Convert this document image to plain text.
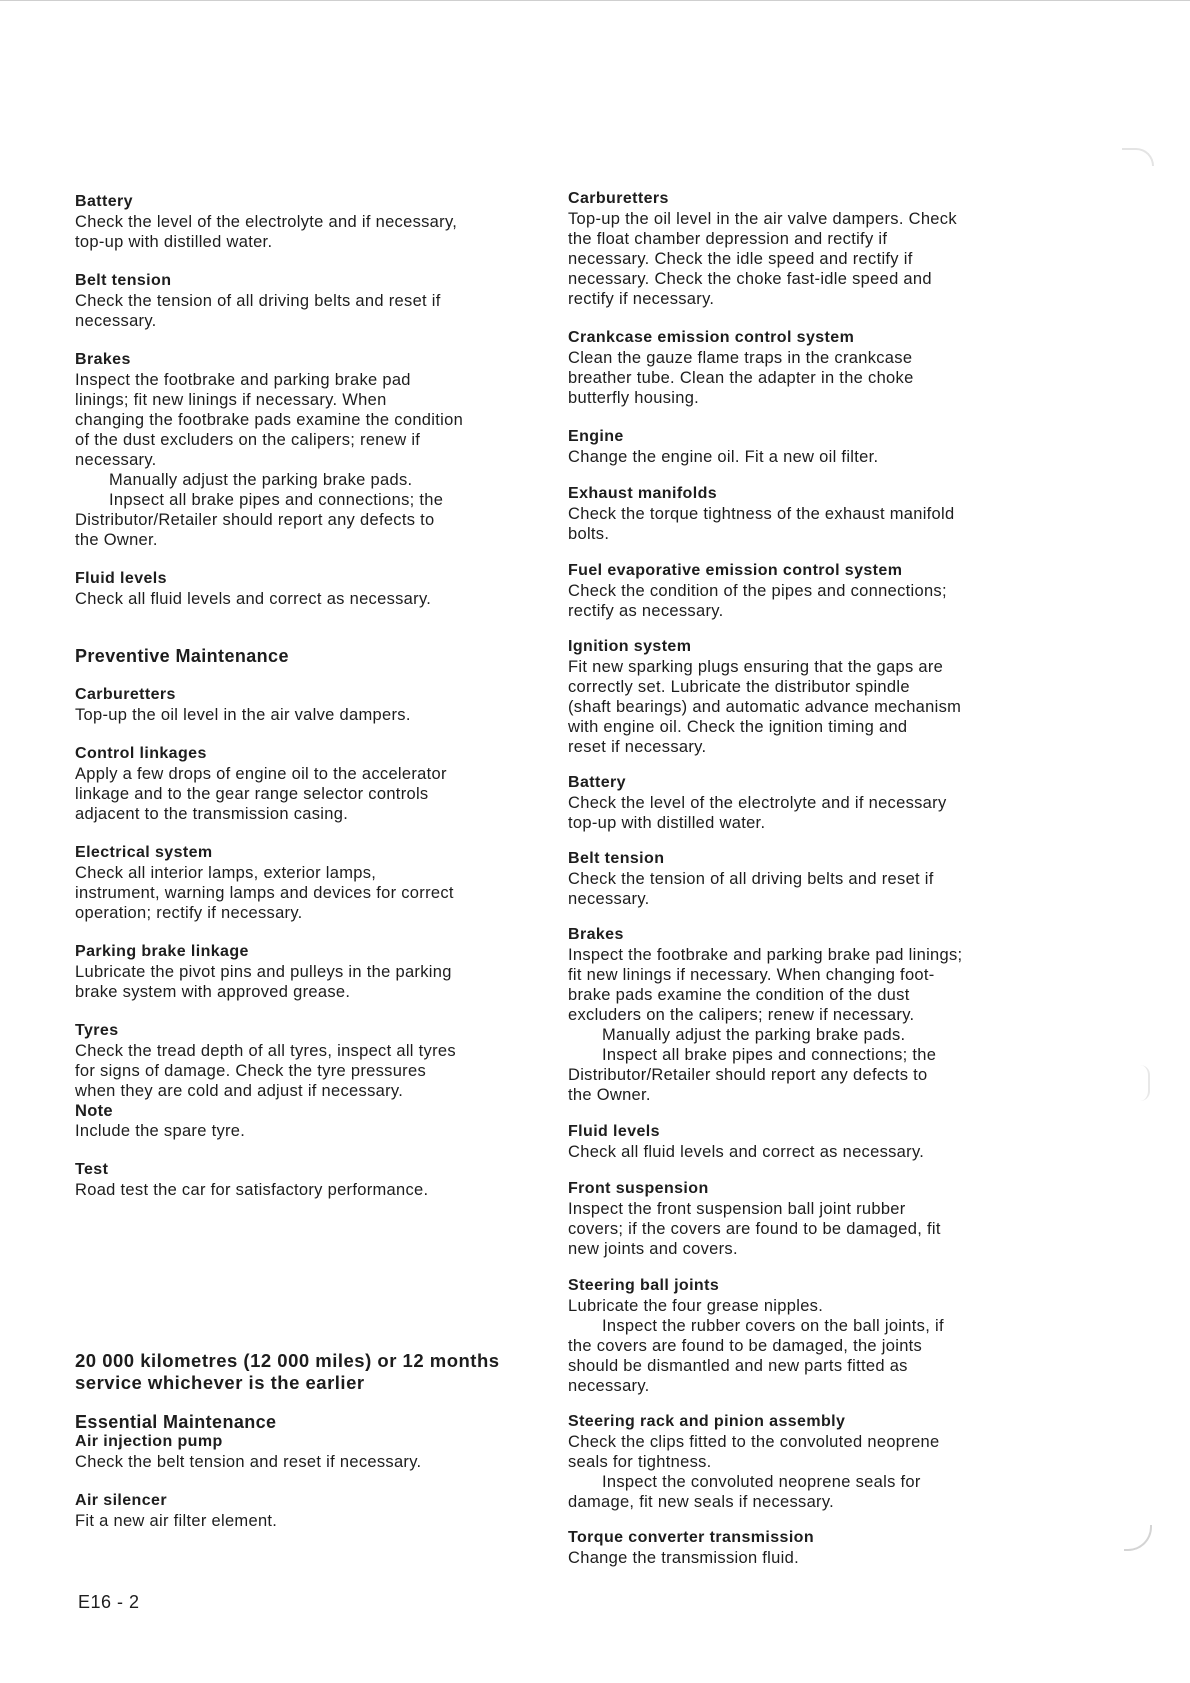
Battery

Check the level of the electrolyte and if necessary,
top-up with distilled water.

Belt tension

Check the tension of all driving belts and reset if
necessary.

Brakes

Inspect the footbrake and parking brake pad
linings; fit new linings if necessary. When
changing the footbrake pads examine the condition
of the dust excluders on the calipers; renew if
necessary.

Manually adjust the parking brake pads.

Inpsect all brake pipes and connections; the

Distributor/Retailer should report any defects to
the Owner.

Fluid levels

Check all fluid levels and correct as necessary.

Preventive Maintenance

Carburetters

Top-up the oil level in the air valve dampers.

Control linkages

Apply a few drops of engine oil to the accelerator
linkage and to the gear range selector controls
adjacent to the transmission casing.

Electrical system

Check all interior lamps, exterior lamps,
instrument, warning lamps and devices for correct
operation; rectify if necessary.

Parking brake linkage

Lubricate the pivot pins and pulleys in the parking
brake system with approved grease.

Tyres

Check the tread depth of all tyres, inspect all tyres
for signs of damage. Check the tyre pressures
when they are cold and adjust if necessary.

Note

Include the spare tyre.

Test

Road test the car for satisfactory performance.

20 000 kilometres (12 000 miles) or 12 months
service whichever is the earlier

Essential Maintenance

Air injection pump

Check the belt tension and reset if necessary.

Air silencer

Fit a new air filter element.

Carburetters

Top-up the oil level in the air valve dampers. Check
the float chamber depression and rectify if
necessary. Check the idle speed and rectify if
necessary. Check the choke fast-idle speed and
rectify if necessary.

Crankcase emission control system

Clean the gauze flame traps in the crankcase
breather tube. Clean the adapter in the choke
butterfly housing.

Engine

Change the engine oil. Fit a new oil filter.

Exhaust manifolds

Check the torque tightness of the exhaust manifold
bolts.

Fuel evaporative emission control system

Check the condition of the pipes and connections;
rectify as necessary.

Ignition system

Fit new sparking plugs ensuring that the gaps are
correctly set. Lubricate the distributor spindle
(shaft bearings) and automatic advance mechanism
with engine oil. Check the ignition timing and
reset if necessary.

Battery

Check the level of the electrolyte and if necessary
top-up with distilled water.

Belt tension

Check the tension of all driving belts and reset if
necessary.

Brakes

Inspect the footbrake and parking brake pad linings;
fit new linings if necessary. When changing foot-
brake pads examine the condition of the dust
excluders on the calipers; renew if necessary.

Manually adjust the parking brake pads.

Inspect all brake pipes and connections; the

Distributor/Retailer should report any defects to
the Owner.

Fluid levels

Check all fluid levels and correct as necessary.

Front suspension

Inspect the front suspension ball joint rubber
covers; if the covers are found to be damaged, fit
new joints and covers.

Steering ball joints

Lubricate the four grease nipples.

Inspect the rubber covers on the ball joints, if

the covers are found to be damaged, the joints
should be dismantled and new parts fitted as
necessary.

Steering rack and pinion assembly

Check the clips fitted to the convoluted neoprene
seals for tightness.

Inspect the convoluted neoprene seals for

damage, fit new seals if necessary.

Torque converter transmission

Change the transmission fluid.

E16 - 2
